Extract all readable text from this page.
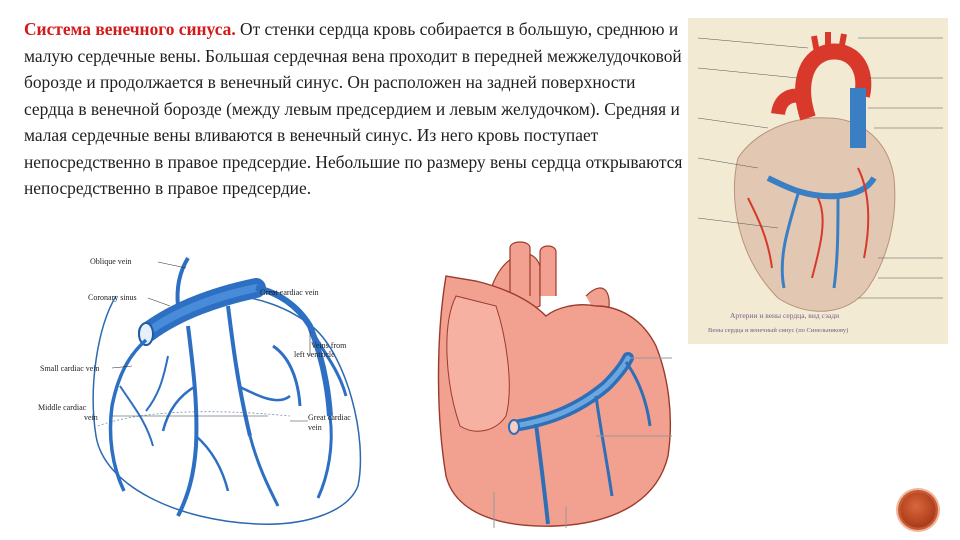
Система венечного синуса. От стенки сердца кровь собирается в большую, среднюю и малую сердечные вены. Большая сердечная вена проходит в передней межжелудочковой борозде и продолжается в венечный синус. Он расположен на задней поверхности сердца в венечной борозде (между левым предсердием и левым желудочком). Средняя и малая сердечные вены вливаются в венечный синус. Из него кровь поступает непосредственно в правое предсердие. Небольшие по размеру вены сердца открываются непосредственно в правое предсердие.

Oblique vein
Coronary sinus
Great cardiac vein
Veins from
left ventricle
Small cardiac vein
Middle cardiac
vein	Great cardiac
vein
Артерии и вены сердца, вид сзади
Вены сердца и венечный синус (по Синельникову)
